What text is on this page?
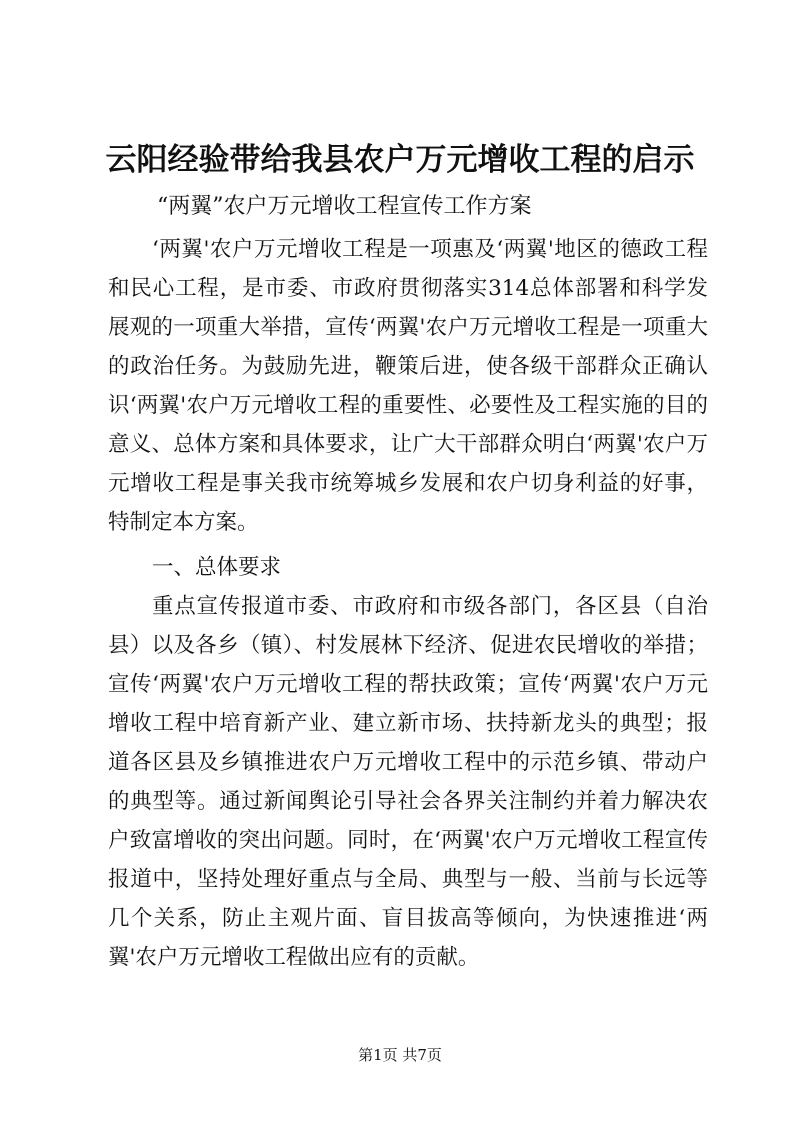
云阳经验带给我县农户万元增收工程的启示

“两翼”农户万元增收工程宣传工作方案

‘两翼'农户万元增收工程是一项惠及‘两翼'地区的德政工程和民心工程，是市委、市政府贯彻落实314总体部署和科学发展观的一项重大举措，宣传‘两翼'农户万元增收工程是一项重大的政治任务。为鼓励先进，鞭策后进，使各级干部群众正确认识‘两翼'农户万元增收工程的重要性、必要性及工程实施的目的意义、总体方案和具体要求，让广大干部群众明白‘两翼'农户万元增收工程是事关我市统筹城乡发展和农户切身利益的好事，特制定本方案。

一、总体要求

重点宣传报道市委、市政府和市级各部门，各区县（自治县）以及各乡（镇）、村发展林下经济、促进农民增收的举措；宣传‘两翼'农户万元增收工程的帮扶政策；宣传‘两翼'农户万元增收工程中培育新产业、建立新市场、扶持新龙头的典型；报道各区县及乡镇推进农户万元增收工程中的示范乡镇、带动户的典型等。通过新闻舆论引导社会各界关注制约并着力解决农户致富增收的突出问题。同时，在‘两翼'农户万元增收工程宣传报道中，坚持处理好重点与全局、典型与一般、当前与长远等几个关系，防止主观片面、盲目拔高等倾向，为快速推进‘两翼'农户万元增收工程做出应有的贡献。

第1页 共7页
